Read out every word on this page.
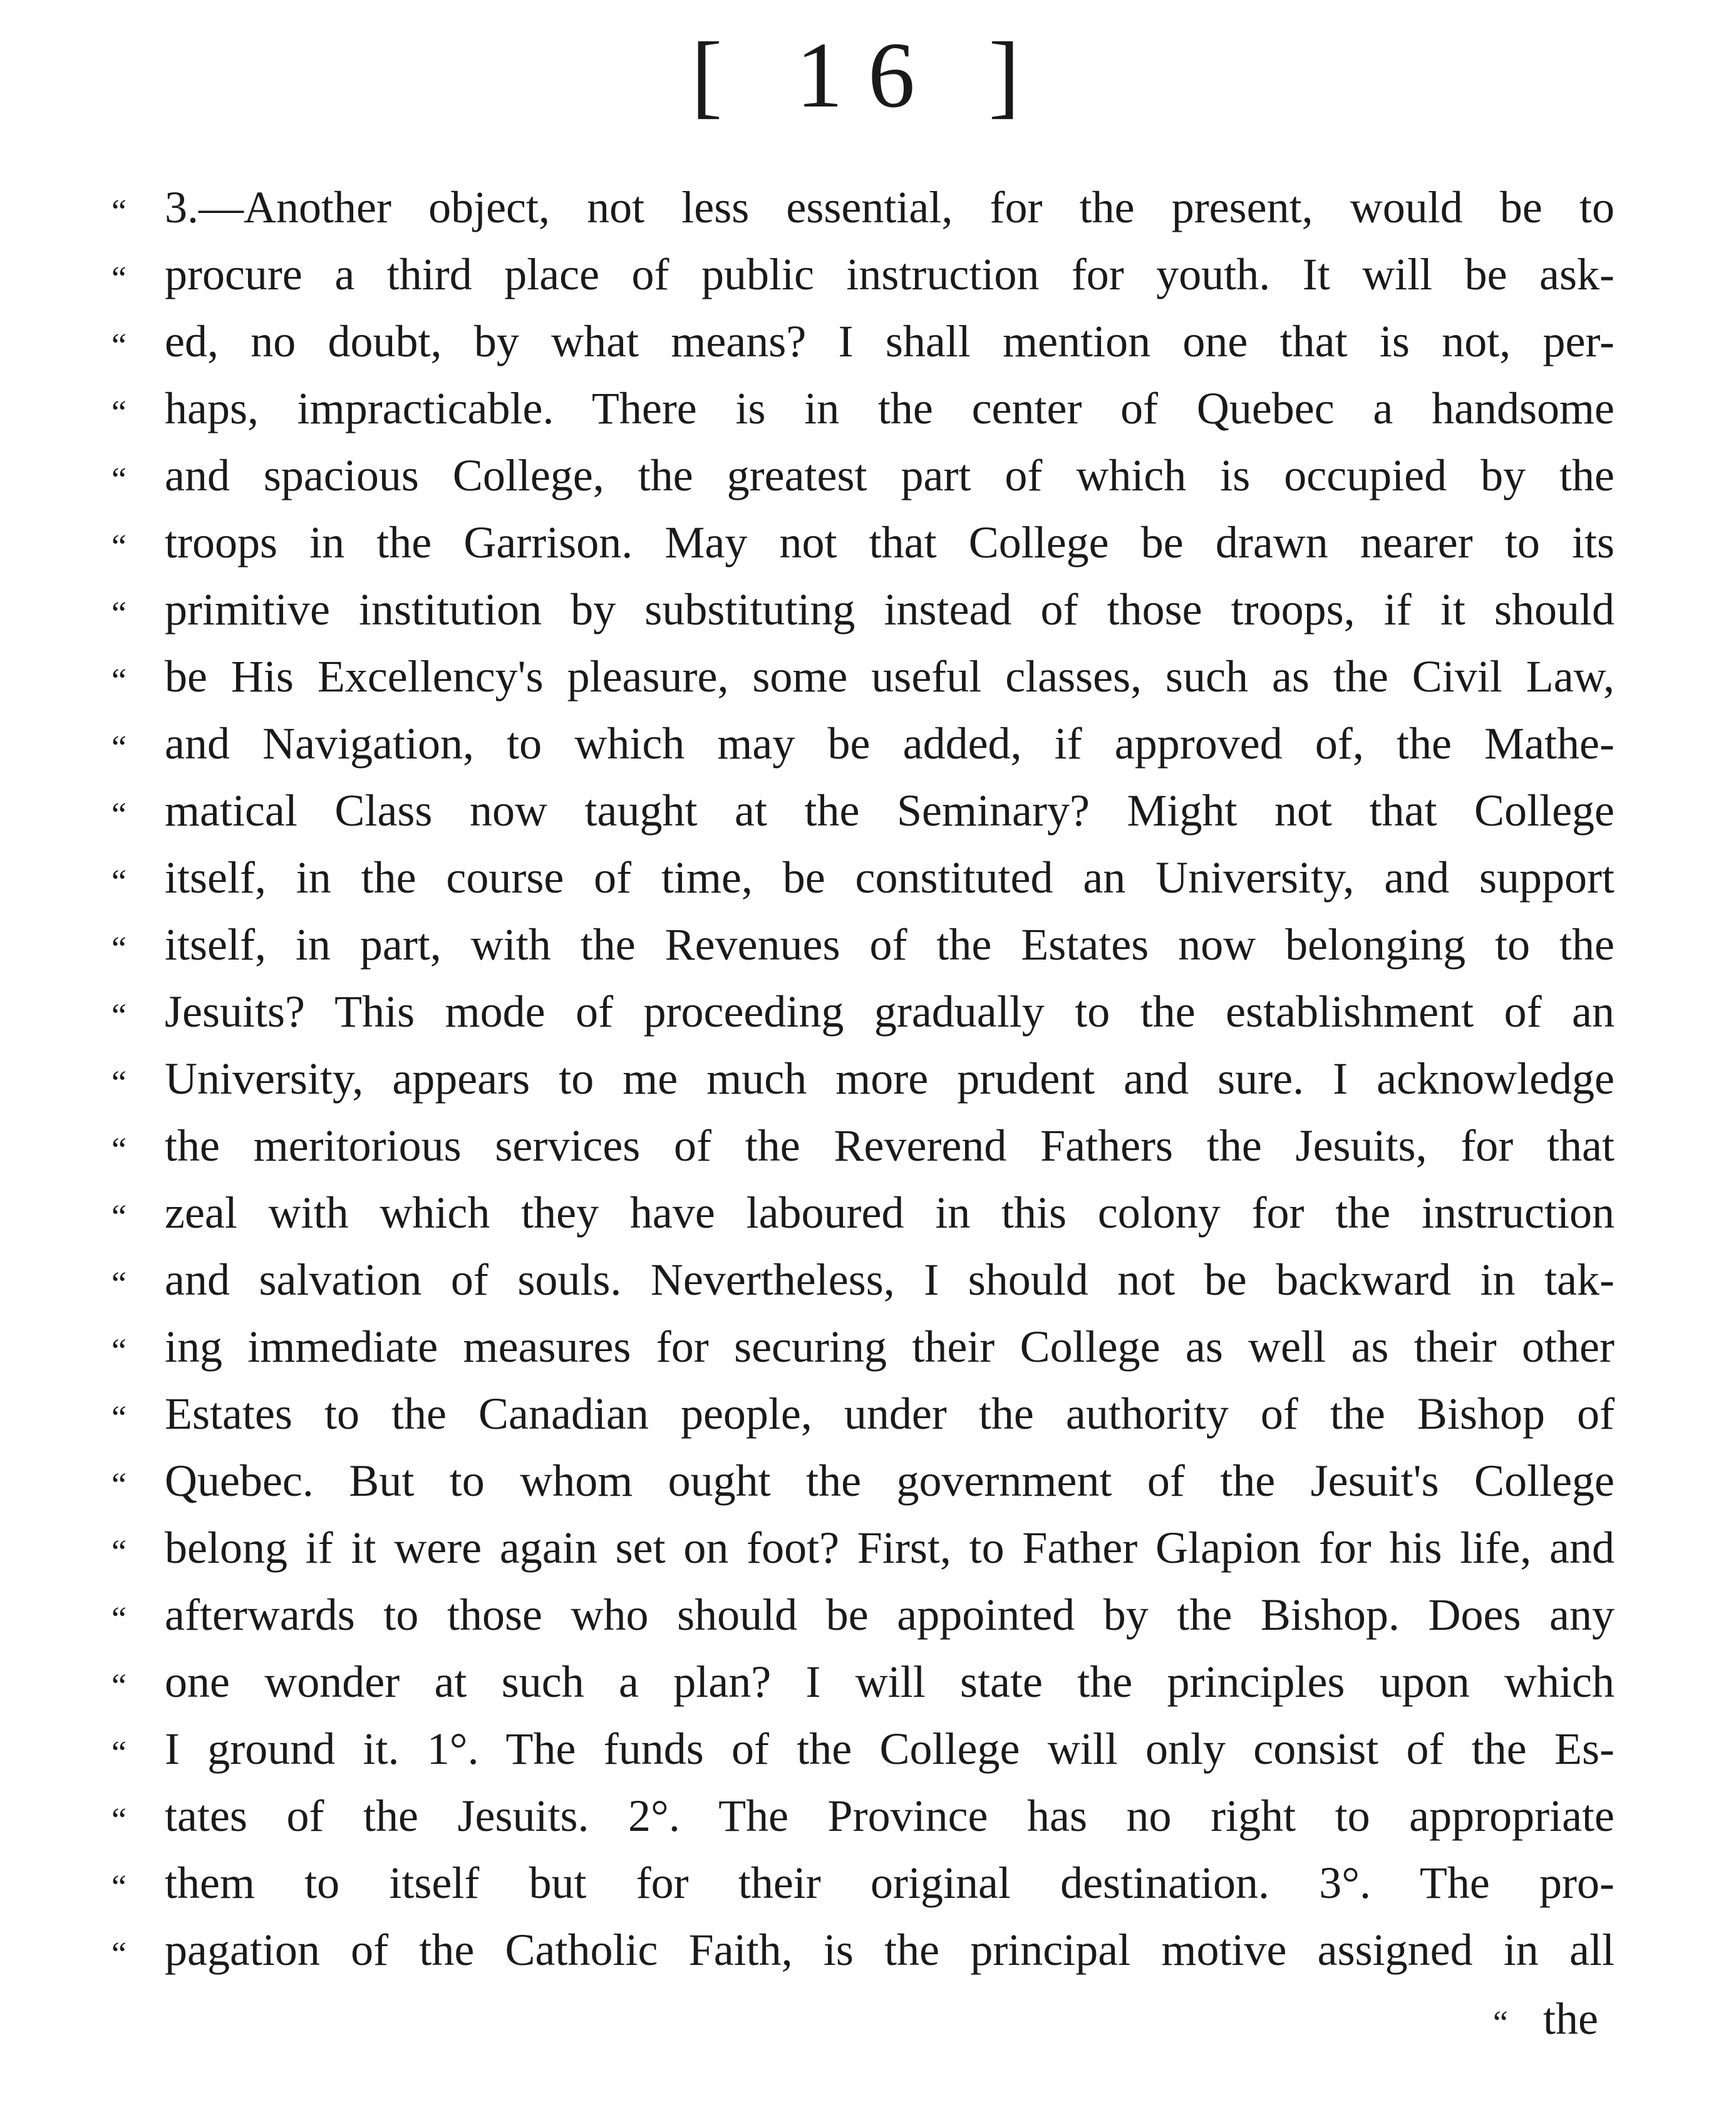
[ 16 ]
“ 3.—Another object, not less essential, for the present, would be to
“ procure a third place of public instruction for youth. It will be ask-
“ ed, no doubt, by what means? I shall mention one that is not, per-
“ haps, impracticable. There is in the center of Quebec a handsome
“ and spacious College, the greatest part of which is occupied by the
“ troops in the Garrison. May not that College be drawn nearer to its
“ primitive institution by substituting instead of those troops, if it should
“ be His Excellency's pleasure, some useful classes, such as the Civil Law,
“ and Navigation, to which may be added, if approved of, the Mathe-
“ matical Class now taught at the Seminary? Might not that College
“ itself, in the course of time, be constituted an University, and support
“ itself, in part, with the Revenues of the Estates now belonging to the
“ Jesuits? This mode of proceeding gradually to the establishment of an
“ University, appears to me much more prudent and sure. I acknowledge
“ the meritorious services of the Reverend Fathers the Jesuits, for that
“ zeal with which they have laboured in this colony for the instruction
“ and salvation of souls. Nevertheless, I should not be backward in tak-
“ ing immediate measures for securing their College as well as their other
“ Estates to the Canadian people, under the authority of the Bishop of
“ Quebec. But to whom ought the government of the Jesuit's College
“ belong if it were again set on foot? First, to Father Glapion for his life, and
“ afterwards to those who should be appointed by the Bishop. Does any
“ one wonder at such a plan? I will state the principles upon which
“ I ground it. 1°. The funds of the College will only consist of the Es-
“ tates of the Jesuits. 2°. The Province has no right to appropriate
“ them to itself but for their original destination. 3°. The pro-
“ pagation of the Catholic Faith, is the principal motive assigned in all
“ the
